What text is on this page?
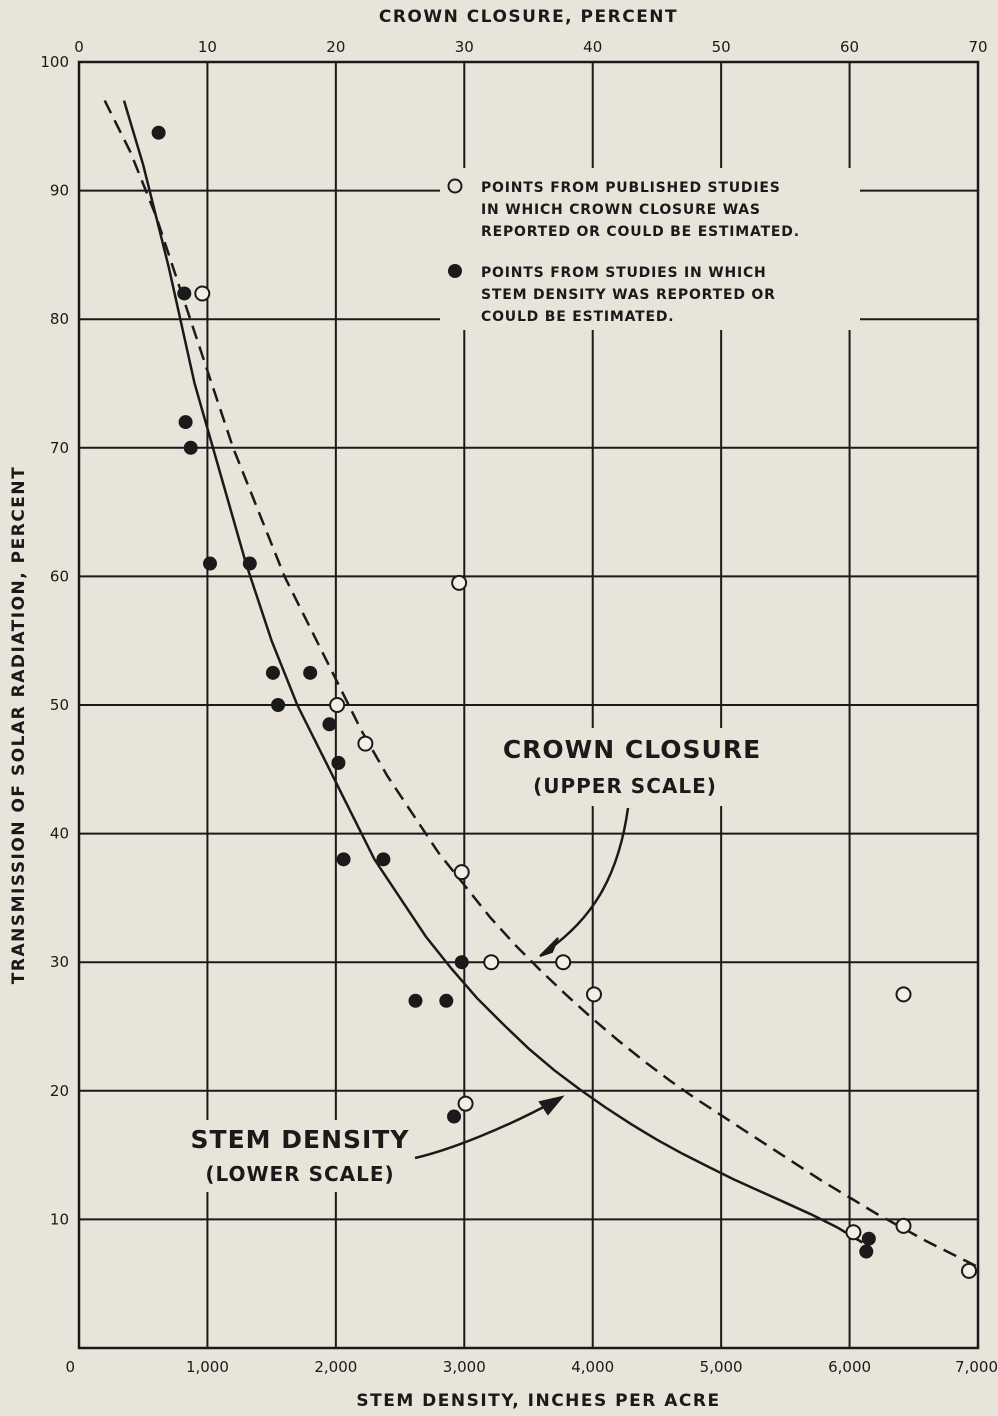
CROWN CLOSURE, PERCENT
STEM DENSITY, INCHES PER ACRE
TRANSMISSION OF SOLAR RADIATION, PERCENT
0	10	20	30	40	50	60	70
0	1,000	2,000	3,000	4,000	5,000	6,000	7,000
10
20
30
40
50
60
70
80
90
100
POINTS FROM PUBLISHED STUDIES
IN WHICH CROWN CLOSURE WAS
REPORTED OR COULD BE ESTIMATED.
POINTS FROM STUDIES IN WHICH
STEM DENSITY WAS REPORTED OR
COULD BE ESTIMATED.
CROWN CLOSURE
(UPPER SCALE)
STEM DENSITY
(LOWER SCALE)
